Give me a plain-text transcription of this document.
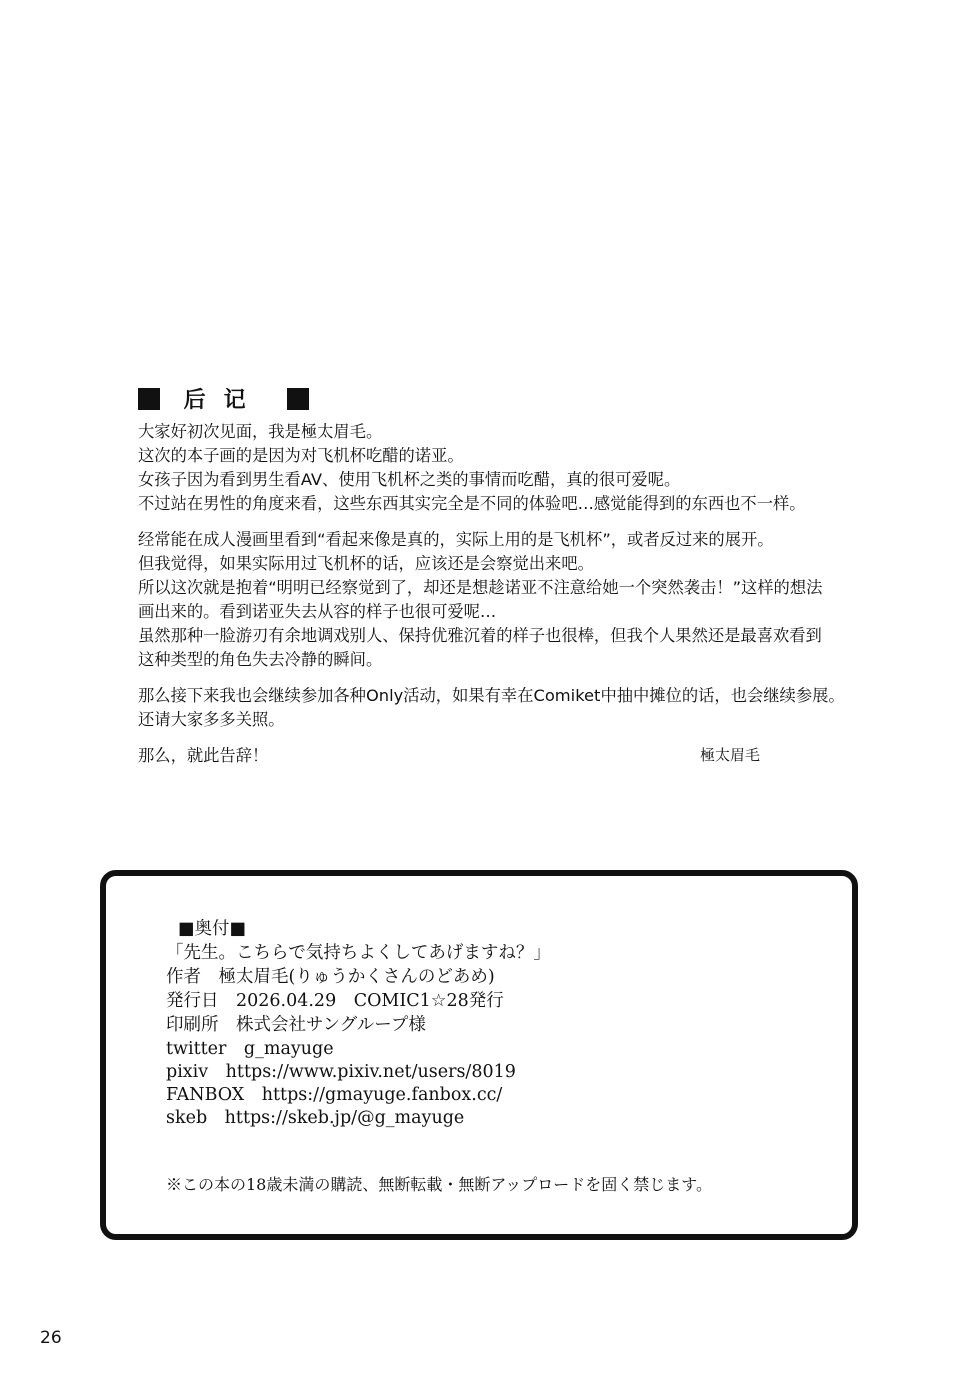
后记
大家好初次见面，我是極太眉毛。
这次的本子画的是因为对飞机杯吃醋的诺亚。
女孩子因为看到男生看AV、使用飞机杯之类的事情而吃醋，真的很可爱呢。
不过站在男性的角度来看，这些东西其实完全是不同的体验吧…感觉能得到的东西也不一样。
经常能在成人漫画里看到“看起来像是真的，实际上用的是飞机杯”，或者反过来的展开。
但我觉得，如果实际用过飞机杯的话，应该还是会察觉出来吧。
所以这次就是抱着“明明已经察觉到了，却还是想趁诺亚不注意给她一个突然袭击！”这样的想法
画出来的。看到诺亚失去从容的样子也很可爱呢…
虽然那种一脸游刃有余地调戏别人、保持优雅沉着的样子也很棒，但我个人果然还是最喜欢看到
这种类型的角色失去冷静的瞬间。
那么接下来我也会继续参加各种Only活动，如果有幸在Comiket中抽中摊位的话，也会继续参展。
还请大家多多关照。
那么，就此告辞！	極太眉毛
■奥付■
「先生。こちらで気持ちよくしてあげますね？」
作者　極太眉毛(りゅうかくさんのどあめ)
発行日　2026.04.29　COMIC1☆28発行
印刷所　株式会社サングループ様
twitter　g_mayuge
pixiv　https://www.pixiv.net/users/8019
FANBOX　https://gmayuge.fanbox.cc/
skeb　https://skeb.jp/@g_mayuge
※この本の18歳未満の購読、無断転載・無断アップロードを固く禁じます。
26
